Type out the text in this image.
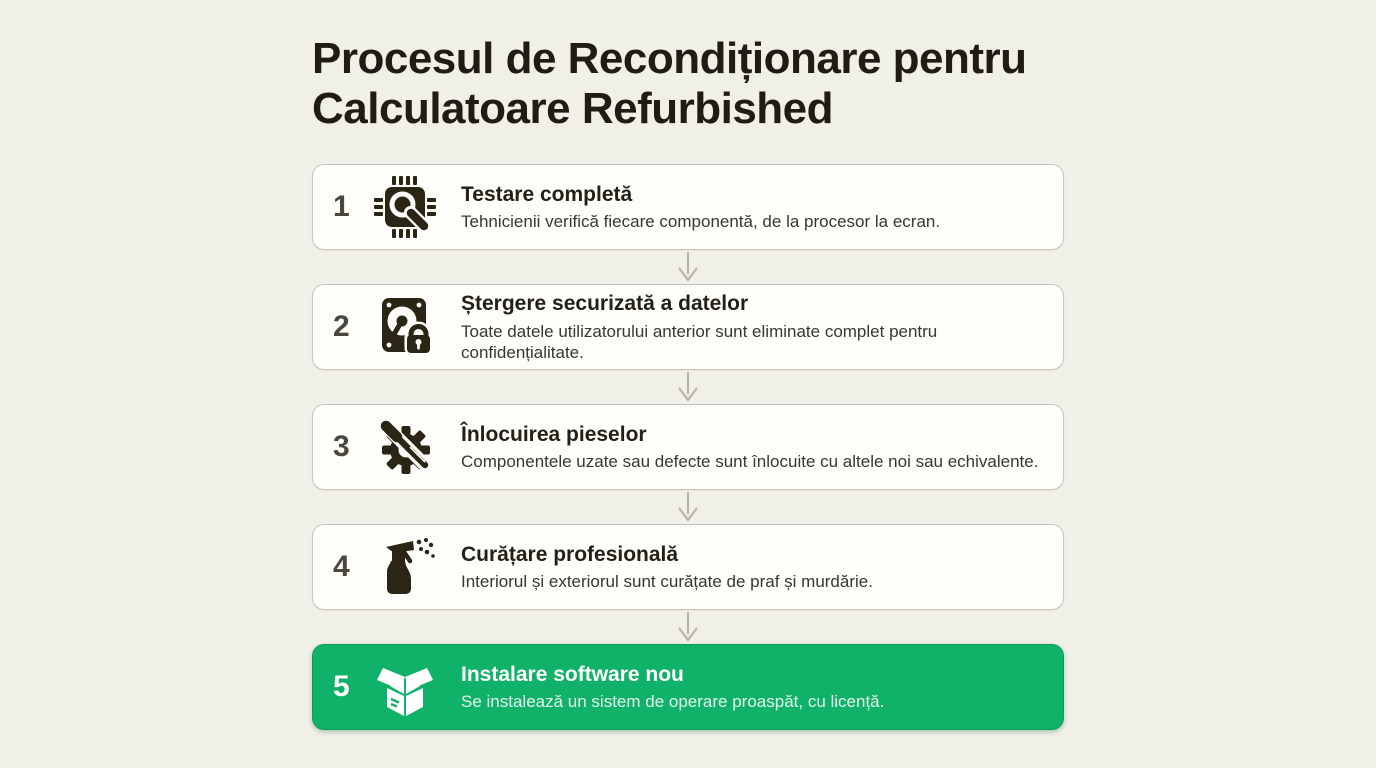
Procesul de Recondiționare pentru
Calculatoare Refurbished
1	Testare completă
Tehnicienii verifică fiecare componentă, de la procesor la ecran.
2
Ștergere securizată a datelor
Toate datele utilizatorului anterior sunt eliminate complet pentru confidențialitate.
3	Înlocuirea pieselor
Componentele uzate sau defecte sunt înlocuite cu altele noi sau echivalente.
4	Curățare profesională
Interiorul și exteriorul sunt curățate de praf și murdărie.
5	Instalare software nou
Se instalează un sistem de operare proaspăt, cu licență.
